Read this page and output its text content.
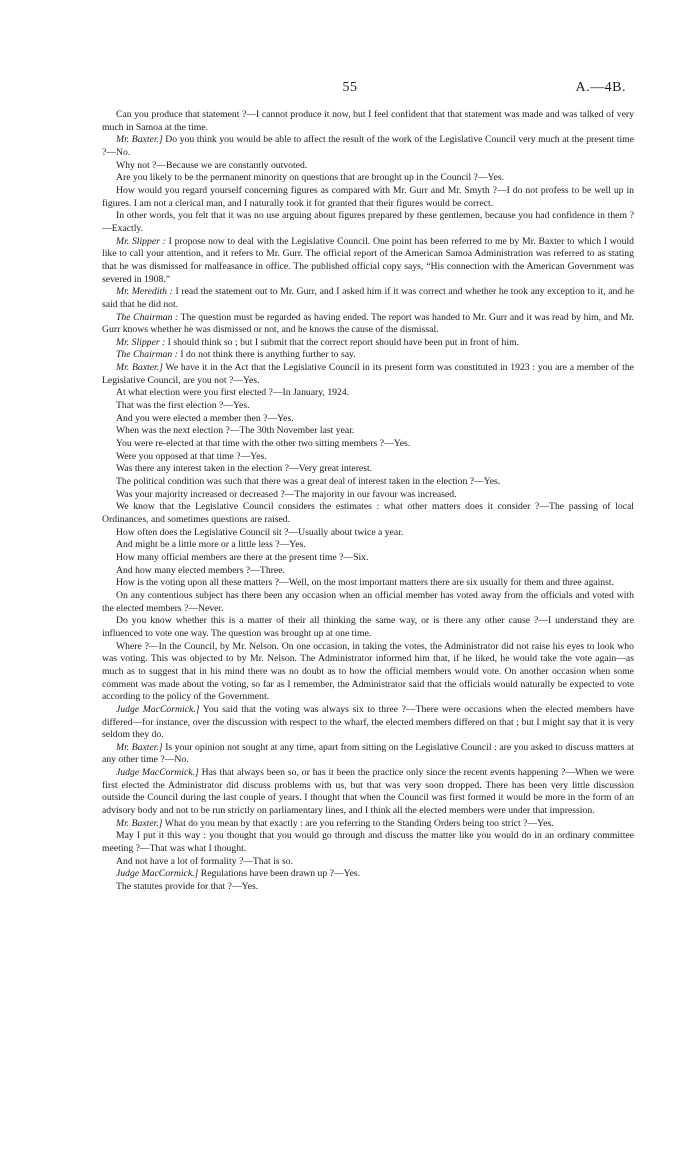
55	A.—4B.

Can you produce that statement ?—I cannot produce it now, but I feel confident that that statement was made and was talked of very much in Samoa at the time.

Mr. Baxter.] Do you think you would be able to affect the result of the work of the Legislative Council very much at the present time ?—No.

Why not ?—Because we are constantly outvoted.

Are you likely to be the permanent minority on questions that are brought up in the Council ?—Yes.

How would you regard yourself concerning figures as compared with Mr. Gurr and Mr. Smyth ?—I do not profess to be well up in figures. I am not a clerical man, and I naturally took it for granted that their figures would be correct.

In other words, you felt that it was no use arguing about figures prepared by these gentlemen, because you had confidence in them ?—Exactly.

Mr. Slipper : I propose now to deal with the Legislative Council. One point has been referred to me by Mr. Baxter to which I would like to call your attention, and it refers to Mr. Gurr. The official report of the American Samoa Administration was referred to as stating that he was dismissed for malfeasance in office. The published official copy says, “His connection with the American Government was severed in 1908.”

Mr. Meredith : I read the statement out to Mr. Gurr, and I asked him if it was correct and whether he took any exception to it, and he said that he did not.

The Chairman : The question must be regarded as having ended. The report was handed to Mr. Gurr and it was read by him, and Mr. Gurr knows whether he was dismissed or not, and he knows the cause of the dismissal.

Mr. Slipper : I should think so ; but I submit that the correct report should have been put in front of him.

The Chairman : I do not think there is anything further to say.

Mr. Baxter.] We have it in the Act that the Legislative Council in its present form was constituted in 1923 : you are a member of the Legislative Council, are you not ?—Yes.

At what election were you first elected ?—In January, 1924.

That was the first election ?—Yes.

And you were elected a member then ?—Yes.

When was the next election ?—The 30th November last year.

You were re-elected at that time with the other two sitting members ?—Yes.

Were you opposed at that time ?—Yes.

Was there any interest taken in the election ?—Very great interest.

The political condition was such that there was a great deal of interest taken in the election ?—Yes.

Was your majority increased or decreased ?—The majority in our favour was increased.

We know that the Legislative Council considers the estimates : what other matters does it consider ?—The passing of local Ordinances, and sometimes questions are raised.

How often does the Legislative Council sit ?—Usually about twice a year.

And might be a little more or a little less ?—Yes.

How many official members are there at the present time ?—Six.

And how many elected members ?—Three.

How is the voting upon all these matters ?—Well, on the most important matters there are six usually for them and three against.

On any contentious subject has there been any occasion when an official member has voted away from the officials and voted with the elected members ?—Never.

Do you know whether this is a matter of their all thinking the same way, or is there any other cause ?—I understand they are influenced to vote one way. The question was brought up at one time.

Where ?—In the Council, by Mr. Nelson. On one occasion, in taking the votes, the Administrator did not raise his eyes to look who was voting. This was objected to by Mr. Nelson. The Administrator informed him that, if he liked, he would take the vote again—as much as to suggest that in his mind there was no doubt as to how the official members would vote. On another occasion when some comment was made about the voting, so far as I remember, the Administrator said that the officials would naturally be expected to vote according to the policy of the Government.

Judge MacCormick.] You said that the voting was always six to three ?—There were occasions when the elected members have differed—for instance, over the discussion with respect to the wharf, the elected members differed on that ; but I might say that it is very seldom they do.

Mr. Baxter.] Is your opinion not sought at any time, apart from sitting on the Legislative Council : are you asked to discuss matters at any other time ?—No.

Judge MacCormick.] Has that always been so, or has it been the practice only since the recent events happening ?—When we were first elected the Administrator did discuss problems with us, but that was very soon dropped. There has been very little discussion outside the Council during the last couple of years. I thought that when the Council was first formed it would be more in the form of an advisory body and not to be run strictly on parliamentary lines, and I think all the elected members were under that impression.

Mr. Baxter.] What do you mean by that exactly : are you referring to the Standing Orders being too strict ?—Yes.

May I put it this way : you thought that you would go through and discuss the matter like you would do in an ordinary committee meeting ?—That was what I thought.

And not have a lot of formality ?—That is so.

Judge MacCormick.] Regulations have been drawn up ?—Yes.

The statutes provide for that ?—Yes.
